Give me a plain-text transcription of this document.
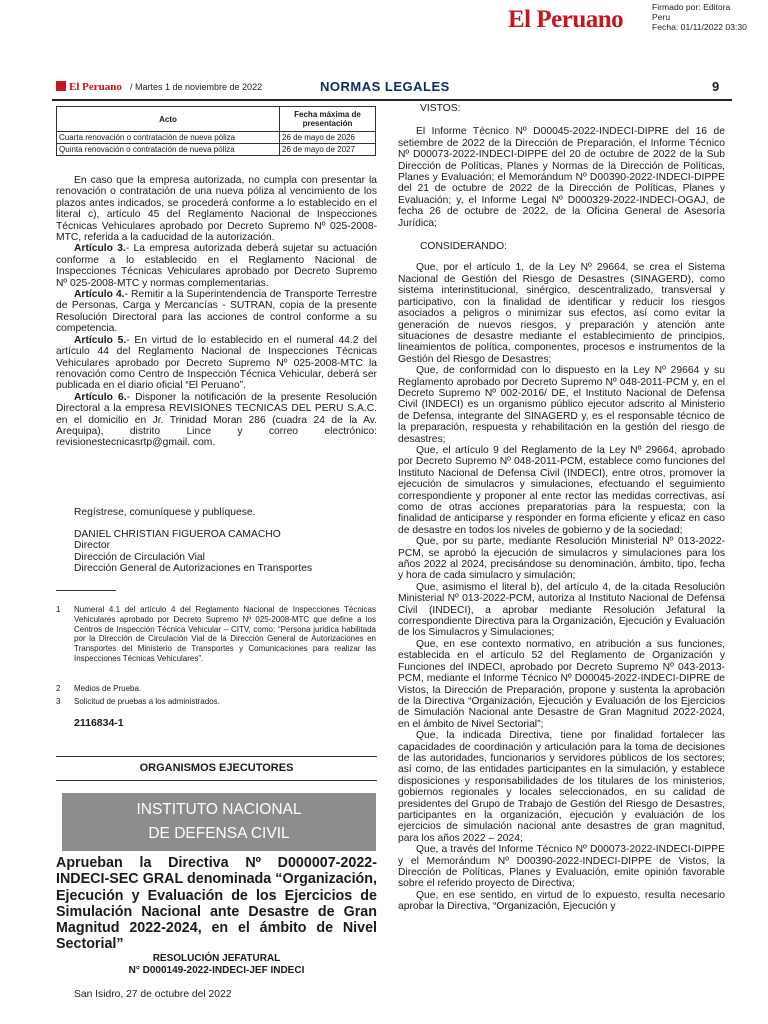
El Peruano	Firmado por: Editora
Peru
Fecha: 01/11/2022 03:30
El Peruano / Martes 1 de noviembre de 2022	NORMAS LEGALES	9
Acto	Fecha máxima de presentación
Cuarta renovación o contratación de nueva póliza	26 de mayo de 2026
Quinta renovación o contratación de nueva póliza	26 de mayo de 2027

En caso que la empresa autorizada, no cumpla con presentar la renovación o contratación de una nueva póliza al vencimiento de los plazos antes indicados, se procederá conforme a lo establecido en el literal c), artículo 45 del Reglamento Nacional de Inspecciones Técnicas Vehiculares aprobado por Decreto Supremo Nº 025-2008-MTC, referida a la caducidad de la autorización.

Artículo 3.- La empresa autorizada deberá sujetar su actuación conforme a lo establecido en el Reglamento Nacional de Inspecciones Técnicas Vehiculares aprobado por Decreto Supremo Nº 025-2008-MTC y normas complementarias.

Artículo 4.- Remitir a la Superintendencia de Transporte Terrestre de Personas, Carga y Mercancías - SUTRAN, copia de la presente Resolución Directoral para las acciones de control conforme a su competencia.

Artículo 5.- En virtud de lo establecido en el numeral 44.2 del artículo 44 del Reglamento Nacional de Inspecciones Técnicas Vehiculares aprobado por Decreto Supremo Nº 025-2008-MTC la renovación como Centro de Inspección Técnica Vehicular, deberá ser publicada en el diario oficial “El Peruano”.

Artículo 6.- Disponer la notificación de la presente Resolución Directoral a la empresa REVISIONES TECNICAS DEL PERU S.A.C. en el domicilio en Jr. Trinidad Moran 286 (cuadra 24 de la Av. Arequipa), distrito Lince y correo electrónico: revisionestecnicasrtp@gmail. com.

Regístrese, comuníquese y publíquese.

DANIEL CHRISTIAN FIGUEROA CAMACHO

Director

Dirección de Circulación Vial

Dirección General de Autorizaciones en Transportes

1 Numeral 4.1 del artículo 4 del Reglamento Nacional de Inspecciones Técnicas Vehiculares aprobado por Decreto Supremo Nº 025-2008-MTC que define a los Centros de Inspección Técnica Vehicular – CITV, como: “Persona jurídica habilitada por la Dirección de Circulación Vial de la Dirección General de Autorizaciones en Transportes del Ministerio de Transportes y Comunicaciones para realizar las Inspecciones Técnicas Vehiculares”.
2 Medios de Prueba.
3 Solicitud de pruebas a los administrados.
2116834-1
ORGANISMOS EJECUTORES
INSTITUTO NACIONAL
DE DEFENSA CIVIL
Aprueban la Directiva Nº D000007-2022-INDECI-SEC GRAL denominada “Organización, Ejecución y Evaluación de los Ejercicios de Simulación Nacional ante Desastre de Gran Magnitud 2022-2024, en el ámbito de Nivel Sectorial”
RESOLUCIÓN JEFATURAL
N° D000149-2022-INDECI-JEF INDECI
San Isidro, 27 de octubre del 2022

VISTOS:

El Informe Técnico Nº D00045-2022-INDECI-DIPRE del 16 de setiembre de 2022 de la Dirección de Preparación, el Informe Técnico Nº D00073-2022-INDECI-DIPPE del 20 de octubre de 2022 de la Sub Dirección de Políticas, Planes y Normas de la Dirección de Políticas, Planes y Evaluación; el Memorándum Nº D00390-2022-INDECI-DIPPE del 21 de octubre de 2022 de la Dirección de Políticas, Planes y Evaluación; y, el Informe Legal Nº D000329-2022-INDECI-OGAJ, de fecha 26 de octubre de 2022, de la Oficina General de Asesoría Jurídica;

CONSIDERANDO:

Que, por el artículo 1, de la Ley Nº 29664, se crea el Sistema Nacional de Gestión del Riesgo de Desastres (SINAGERD), como sistema interinstitucional, sinérgico, descentralizado, transversal y participativo, con la finalidad de identificar y reducir los riesgos asociados a peligros o minimizar sus efectos, así como evitar la generación de nuevos riesgos, y preparación y atención ante situaciones de desastre mediante el establecimiento de principios, lineamientos de política, componentes, procesos e instrumentos de la Gestión del Riesgo de Desastres;

Que, de conformidad con lo dispuesto en la Ley Nº 29664 y su Reglamento aprobado por Decreto Supremo Nº 048-2011-PCM y, en el Decreto Supremo Nº 002-2016/ DE, el Instituto Nacional de Defensa Civil (INDECI) es un organismo público ejecutor adscrito al Ministerio de Defensa, integrante del SINAGERD y, es el responsable técnico de la preparación, respuesta y rehabilitación en la gestión del riesgo de desastres;

Que, el artículo 9 del Reglamento de la Ley Nº 29664, aprobado por Decreto Supremo Nº 048-2011-PCM, establece como funciones del Instituto Nacional de Defensa Civil (INDECI), entre otros, promover la ejecución de simulacros y simulaciones, efectuando el seguimiento correspondiente y proponer al ente rector las medidas correctivas, así como de otras acciones preparatorias para la respuesta; con la finalidad de anticiparse y responder en forma eficiente y eficaz en caso de desastre en todos los niveles de gobierno y de la sociedad;

Que, por su parte, mediante Resolución Ministerial Nº 013-2022-PCM, se aprobó la ejecución de simulacros y simulaciones para los años 2022 al 2024, precisándose su denominación, ámbito, tipo, fecha y hora de cada simulacro y simulación;

Que, asimismo el literal b), del artículo 4, de la citada Resolución Ministerial Nº 013-2022-PCM, autoriza al Instituto Nacional de Defensa Civil (INDECI), a aprobar mediante Resolución Jefatural la correspondiente Directiva para la Organización, Ejecución y Evaluación de los Simulacros y Simulaciones;

Que, en ese contexto normativo, en atribución a sus funciones, establecida en el artículo 52 del Reglamento de Organización y Funciones del INDECI, aprobado por Decreto Supremo Nº 043-2013-PCM, mediante el Informe Técnico Nº D00045-2022-INDECI-DIPRE de Vistos, la Dirección de Preparación, propone y sustenta la aprobación de la Directiva “Organización, Ejecución y Evaluación de los Ejercicios de Simulación Nacional ante Desastre de Gran Magnitud 2022-2024, en el ámbito de Nivel Sectorial”;

Que, la indicada Directiva, tiene por finalidad fortalecer las capacidades de coordinación y articulación para la toma de decisiones de las autoridades, funcionarios y servidores públicos de los sectores; así como, de las entidades participantes en la simulación, y establece disposiciones y responsabilidades de los titulares de los ministerios, gobiernos regionales y locales seleccionados, en su calidad de presidentes del Grupo de Trabajo de Gestión del Riesgo de Desastres, participantes en la organización, ejecución y evaluación de los ejercicios de simulación nacional ante desastres de gran magnitud, para los años 2022 – 2024;

Que, a través del Informe Técnico Nº D00073-2022-INDECI-DIPPE y el Memorándum Nº D00390-2022-INDECI-DIPPE de Vistos, la Dirección de Políticas, Planes y Evaluación, emite opinión favorable sobre el referido proyecto de Directiva;

Que, en ese sentido, en virtud de lo expuesto, resulta necesario aprobar la Directiva, “Organización, Ejecución y
